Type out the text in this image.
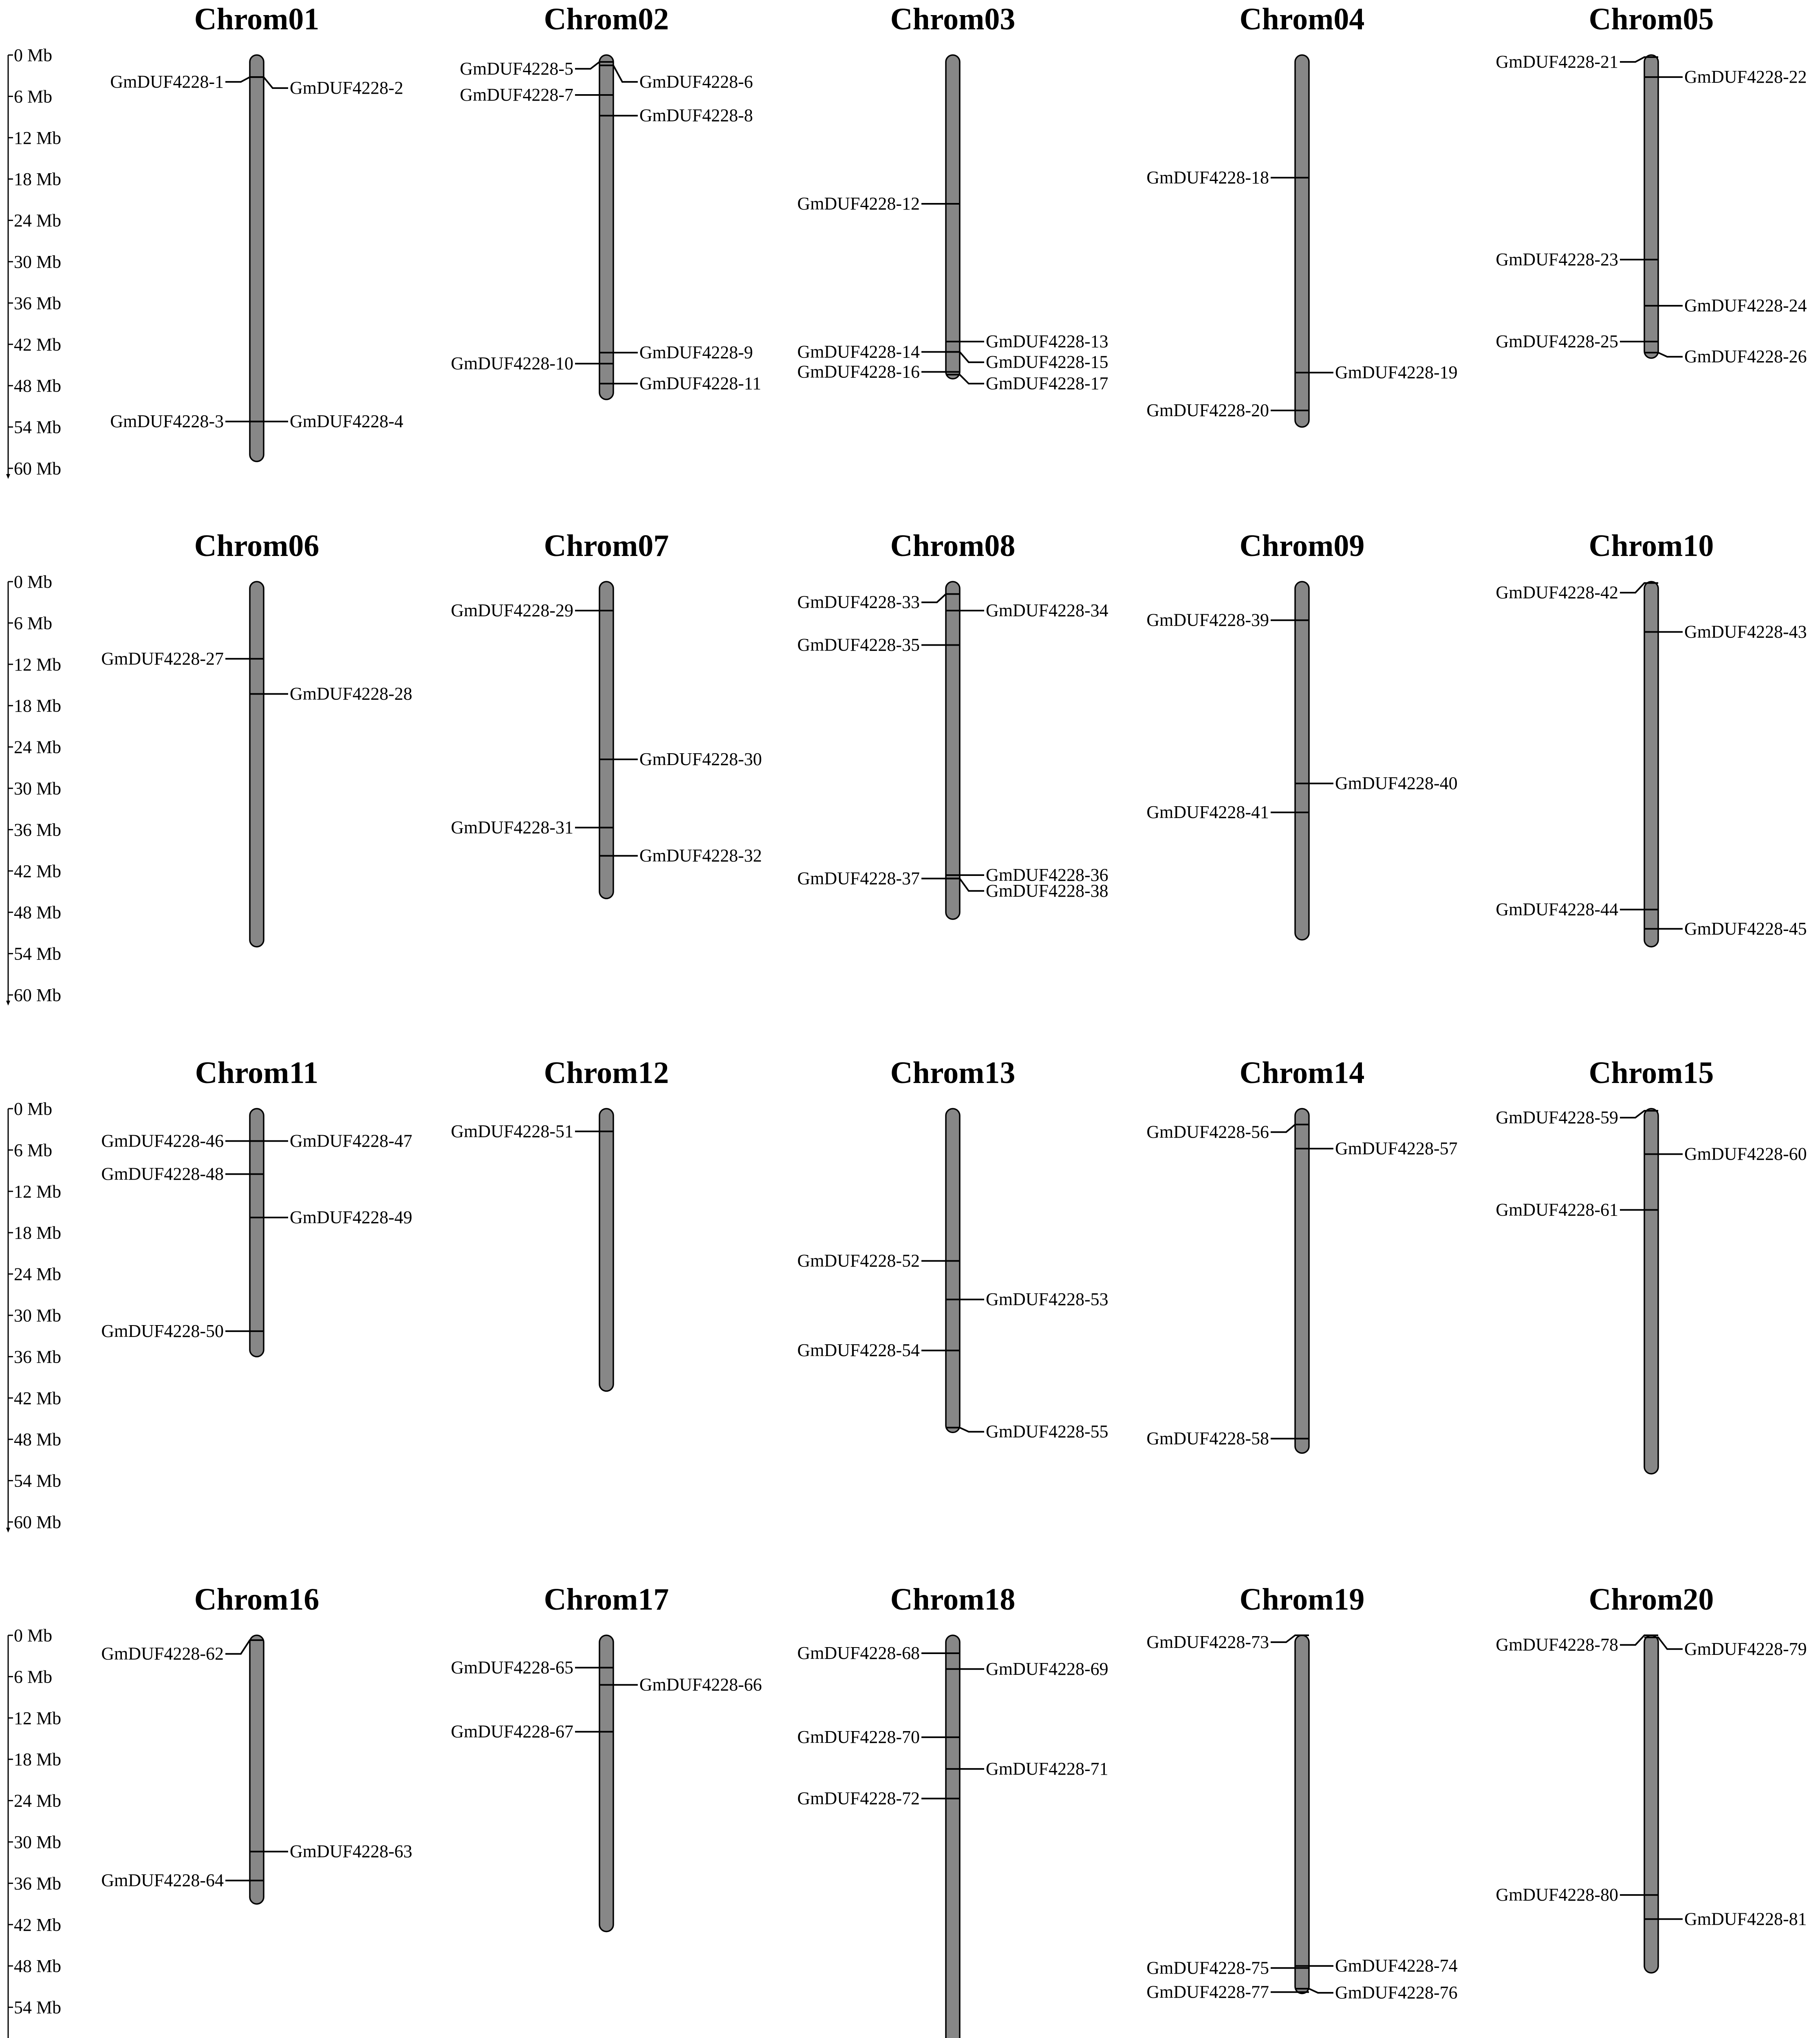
0 Mb
6 Mb
12 Mb
18 Mb
24 Mb
30 Mb
36 Mb
42 Mb
48 Mb
54 Mb
60 Mb
0 Mb
6 Mb
12 Mb
18 Mb
24 Mb
30 Mb
36 Mb
42 Mb
48 Mb
54 Mb
60 Mb
0 Mb
6 Mb
12 Mb
18 Mb
24 Mb
30 Mb
36 Mb
42 Mb
48 Mb
54 Mb
60 Mb
0 Mb
6 Mb
12 Mb
18 Mb
24 Mb
30 Mb
36 Mb
42 Mb
48 Mb
54 Mb
Chrom01
GmDUF4228-1	GmDUF4228-2
GmDUF4228-3	GmDUF4228-4
Chrom02
GmDUF4228-5
GmDUF4228-6
GmDUF4228-7
GmDUF4228-8
GmDUF4228-9
GmDUF4228-10
GmDUF4228-11
Chrom03
GmDUF4228-12
GmDUF4228-13
GmDUF4228-14
GmDUF4228-15
GmDUF4228-16
GmDUF4228-17
Chrom04
GmDUF4228-18
GmDUF4228-19
GmDUF4228-20
Chrom05
GmDUF4228-21
GmDUF4228-22
GmDUF4228-23
GmDUF4228-24
GmDUF4228-25
GmDUF4228-26
Chrom06
GmDUF4228-27
GmDUF4228-28
Chrom07
GmDUF4228-29
GmDUF4228-30
GmDUF4228-31
GmDUF4228-32
Chrom08
GmDUF4228-33	GmDUF4228-34
GmDUF4228-35
GmDUF4228-36
GmDUF4228-37
GmDUF4228-38
Chrom09
GmDUF4228-39
GmDUF4228-40
GmDUF4228-41
Chrom10
GmDUF4228-42
GmDUF4228-43
GmDUF4228-44
GmDUF4228-45
Chrom11
GmDUF4228-46	GmDUF4228-47
GmDUF4228-48
GmDUF4228-49
GmDUF4228-50
Chrom12
GmDUF4228-51
Chrom13
GmDUF4228-52
GmDUF4228-53
GmDUF4228-54
GmDUF4228-55
Chrom14
GmDUF4228-56
GmDUF4228-57
GmDUF4228-58
Chrom15
GmDUF4228-59
GmDUF4228-60
GmDUF4228-61
Chrom16
GmDUF4228-62
GmDUF4228-63
GmDUF4228-64
Chrom17
GmDUF4228-65
GmDUF4228-66
GmDUF4228-67
Chrom18
GmDUF4228-68
GmDUF4228-69
GmDUF4228-70
GmDUF4228-71
GmDUF4228-72
Chrom19
GmDUF4228-73
GmDUF4228-74
GmDUF4228-75
GmDUF4228-76
GmDUF4228-77
Chrom20
GmDUF4228-78	GmDUF4228-79
GmDUF4228-80
GmDUF4228-81
